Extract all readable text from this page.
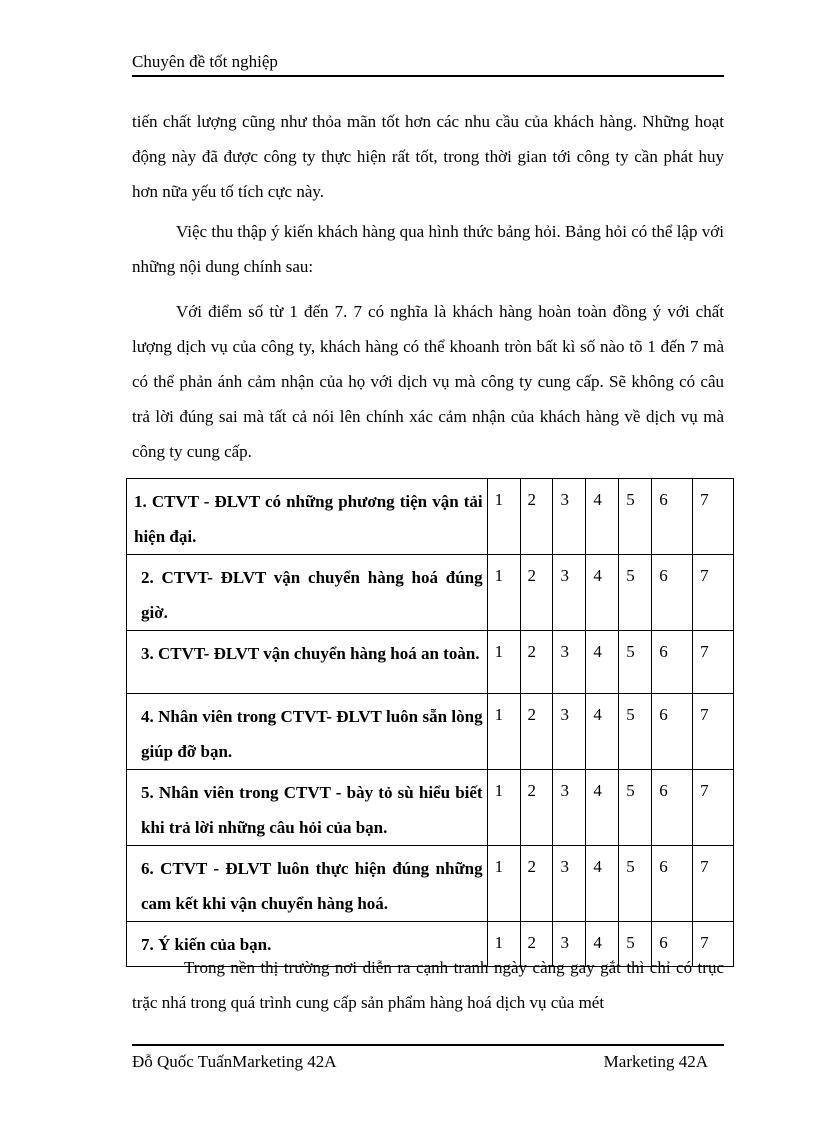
Chuyên đề tốt nghiệp

tiến chất lượng cũng như thỏa mãn tốt hơn các nhu cầu của khách hàng. Những hoạt động này đã được công ty thực hiện rất tốt, trong thời gian tới công ty cần phát huy hơn nữa yếu tố tích cực này.

Việc thu thập ý kiến khách hàng qua hình thức bảng hỏi. Bảng hỏi có thể lập với những nội dung chính sau:

Với điểm số từ 1 đến 7. 7 có nghĩa là khách hàng hoàn toàn đồng ý với chất lượng dịch vụ của công ty, khách hàng có thể khoanh tròn bất kì số nào tõ 1 đến 7 mà có thể phản ánh cảm nhận của họ với dịch vụ mà công ty cung cấp. Sẽ không có câu trả lời đúng sai mà tất cả nói lên chính xác cảm nhận của khách hàng về dịch vụ mà công ty cung cấp.

1. CTVT - ĐLVT có những phương tiện vận tải hiện đại.	1	2	3	4	5	6	7

2. CTVT- ĐLVT vận chuyển hàng hoá đúng giờ.	1	2	3	4	5	6	7

3. CTVT- ĐLVT vận chuyển hàng hoá an toàn.	1	2	3	4	5	6	7

4. Nhân viên trong CTVT- ĐLVT luôn sẵn lòng giúp đỡ bạn.	1	2	3	4	5	6	7

5. Nhân viên trong CTVT - bày tỏ sù hiểu biết khi trả lời những câu hỏi của bạn.	1	2	3	4	5	6	7

6. CTVT - ĐLVT luôn thực hiện đúng những cam kết khi vận chuyển hàng hoá.	1	2	3	4	5	6	7

7. Ý kiến của bạn.	1	2	3	4	5	6	7

Trong nền thị trường nơi diễn ra cạnh tranh ngày càng gay gắt thì chỉ có trục trặc nhá trong quá trình cung cấp sản phẩm hàng hoá dịch vụ của mét

Đỗ Quốc TuấnMarketing 42A	Marketing 42A
